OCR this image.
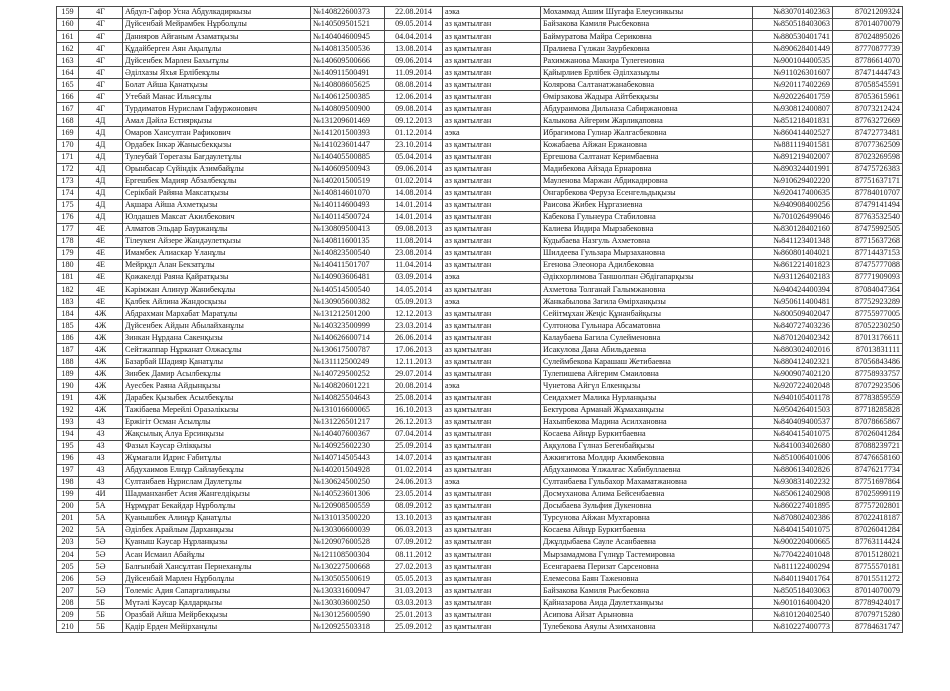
159	4Г	Абдул-Гафор Усна Абдулкадиркызы	№140822600373	22.08.2014	аэка	Мохаммад Ашим Шугафа Елеусинкызы	№830701402363	87021209324
160	4Г	Дүйсенбай Мейрамбек Нұрболұлы	№140509501521	09.05.2014	аз қамтылған	Байзакова Камиля Рысбековна	№850518403063	87014070079
161	4Г	Данияров Айғаным Азаматқызы	№140404600945	04.04.2014	аз қамтылған	Баймуратова Майра Сериковна	№880530401741	87024895026
162	4Г	Құдайберген Аян Ақылұлы	№140813500536	13.08.2014	аз қамтылған	Пралиева Гүлжан Заурбековна	№890628401449	87770877739
163	4Г	Дүйсенбек Марлен Бахытұлы	№140609500666	09.06.2014	аз қамтылған	Рахимжанова Макира Тулегеновна	№900104400535	87786614070
164	4Г	Әділхазы Яхья Ерлібекұлы	№140911500491	11.09.2014	аз қамтылған	Қайырлиев Ерлібек Әділхазыұлы	№911026301607	87471444743
165	4Г	Болат Айша Қанатқызы	№140808605625	08.08.2014	аз қамтылған	Колярова Салтанатжанабековна	№920117402269	87058545591
166	4Г	Утебай Манас Ильясұлы	№140612500385	12.06.2014	аз қамтылған	Өмірзакова Жадыра Айтбекқызы	№920226401759	87053615961
167	4Г	Турдиматов Нурислам Гафуржонович	№140809500900	09.08.2014	аз қамтылған	Абдураимова Дильназа Сабиржановна	№930812400807	87073212424
168	4Д	Амал Дәйлә Естиярқызы	№131209601469	09.12.2013	аз қамтылған	Калыкова Айгерим Жарлиқаповна	№851218401831	87763272669
169	4Д	Омаров Хансултан Рафикович	№141201500393	01.12.2014	аэка	Ибрагимова Гулнар Жалгасбековна	№860414402527	87472773481
170	4Д	Ордабек Інкәр Жанысбекқызы	№141023601447	23.10.2014	аз қамтылған	Кожабаева Айжан Ержановна	№881119401581	87077362509
171	4Д	Тулеубай Төрегазы Бағдаулетұлы	№140405500885	05.04.2014	аз қамтылған	Ергешова Салтанат Керимбаевна	№891219402007	87023269598
172	4Д	Орынбасар Сүйіндік Азимбайұлы	№140609500943	09.06.2014	аз қамтылған	Мадибекова Айзада Ернаровна	№890324401991	87475726383
173	4Д	Ергешбек Мадияр Абзалбекұлы	№140201500519	01.02.2014	аз қамтылған	Мауленова Маржан Абдикадировна	№910629402220	87751637171
174	4Д	Серікбай Райяна Максатқызы	№140814601070	14.08.2014	аз қамтылған	Онгарбекова Феруза Есенгельдықызы	№920417400635	87784010707
175	4Д	Ақшара Айша Ахметқызы	№140114600493	14.01.2014	аз қамтылған	Раисова Жибек Нұргазиевна	№940908400256	87479141494
176	4Д	Юлдашев Максат Акилбекович	№140114500724	14.01.2014	аз қамтылған	Кабекова Гульнеура Стабиловна	№701026499046	87763532540
177	4Е	Алматов Эльдар Бауржанұлы	№130809500413	09.08.2013	аз қамтылған	Калиева Индира Мырзабековна	№830128402160	87475992505
178	4Е	Тілеукен Айзере Жандәулетқызы	№140811600135	11.08.2014	аз қамтылған	Кудыбаева Назгуль Ахметовна	№841123401348	87715637268
179	4Е	Имамбек Алиаскар Ұланұлы	№140823500540	23.08.2014	аз қамтылған	Шилдеева Гульзара Мырзахановна	№860801404021	87714437153
180	4Е	Мейрқұл Алан Бекзатұлы	№140411501707	11.04.2014	аз қамтылған	Егенова Элеонора Адилбековна	№861221401823	87475777088
181	4Е	Қожакелді Раяна Қайратқызы	№140903606481	03.09.2014	аэка	Әдікхорлимова Таншолпан Әбдігапарқызы	№931126402183	87771909093
182	4Е	Кәрімжан Алинур Жанибекұлы	№140514500540	14.05.2014	аз қамтылған	Ахметова Толганай Галымжановна	№940424400394	87084047364
183	4Е	Қалбек Айлина Жандосқызы	№130905600382	05.09.2013	аэка	Жанкабылова Загила Өмірханқызы	№950611400481	87752923289
184	4Ж	Абдрахман Мархабат Маратұлы	№131212501200	12.12.2013	аз қамтылған	Сейітмұхан Жеңіс Құнанбайқызы	№800509402047	87755977005
185	4Ж	Дүйсенбек Айдын Абылайханұлы	№140323500999	23.03.2014	аз қамтылған	Султонова Гульнара Абсаматовна	№840727403236	87052230250
186	4Ж	Зинкан Нұрдана Сакенқызы	№140626600714	26.06.2014	аз қамтылған	Калаубаева Багила Сулейменовна	№870120402342	87013176611
187	4Ж	Сейтжаппар Нұрканат Олжасұлы	№130617500787	17.06.2013	аз қамтылған	Исакулова Дана Абильдаевна	№880302402016	87013831111
188	4Ж	Базарбай Шадияр Қанатұлы	№131112500249	12.11.2013	аз қамтылған	Сулеймбекова Карашаш Жетибаевна	№880412402321	87056843486
189	4Ж	Зинбек Дамир Асылбекұлы	№140729500252	29.07.2014	аз қамтылған	Тулепишева Айгерим Смаиловна	№900907402120	87758933757
190	4Ж	Ауесбек Раяна Айдынқызы	№140820601221	20.08.2014	аэка	Чунетова Айгүл Елкенқызы	№920722402048	87072923506
191	4Ж	Дарабек Қызыбек Асылбекұлы	№140825504643	25.08.2014	аз қамтылған	Сеидахмет Малика Нурланқызы	№940105401178	87783859559
192	4Ж	Тажібаева Мерейлі Оразәлікызы	№131016600065	16.10.2013	аз қамтылған	Бектурова Арманай Жұмаханқызы	№950426401503	87718285828
193	4З	Ержігіт Осман Асылұлы	№131226501217	26.12.2013	аз қамтылған	Нахыпбекова Мадина Асилхановна	№840409400537	87078665867
194	4З	Жақсылық Алуа Ерсинқызы	№140407600367	07.04.2014	аз қамтылған	Косаева Айнұр Буркитбаевна	№840415401075	87026041284
195	4З	Фазыл Кәусар Әлікқызы	№140925602230	25.09.2014	аз қамтылған	Аққулова Гүлназ Бегенбайқызы	№841003402680	87088239721
196	4З	Жұмағали Идрис Ғабитұлы	№140714505443	14.07.2014	аз қамтылған	Ажкигитова Молдир Акимбековна	№851006401006	87476658160
197	4З	Абдухаимов Елнұр Сайлаубекұлы	№140201504928	01.02.2014	аз қамтылған	Абдухаимова Ұлжалғас Хабибуллаевна	№880613402826	87476217734
198	4З	Султанбаев Нұрислам Даулетұлы	№130624500250	24.06.2013	аэка	Султанбаева Гульбахор Махаматжановна	№930831402232	87751697864
199	4И	Шадманханбет Асия Жангелдіқызы	№140523601306	23.05.2014	аз қамтылған	Досмуханова Алима Бейсенбаевна	№850612402908	87025999119
200	5А	Нұрмұрат Бекайдар Нұрболұлы	№120908500559	08.09.2012	аз қамтылған	Досыбаева Зульфия Дукеновна	№860227401895	87757202801
201	5А	Қуанышбек Алинұр Қанатұлы	№131013500220	13.10.2013	аз қамтылған	Турсунова Айжан Мухтаровна	№870802402386	87022418187
202	5А	Әділбек Арайлым Дарханқызы	№130306600039	06.03.2013	аз қамтылған	Косаева Айнұр Буркитбаевна	№840415401075	87026041284
203	5Ә	Қуаныш Кәусар Нұрланқызы	№120907600528	07.09.2012	аз қамтылған	Джұлдыбаева Сауле Асанбаевна	№900220400665	87763114424
204	5Ә	Асан Исмаил Абайұлы	№121108500304	08.11.2012	аз қамтылған	Мырзамадмова Гүлнұр Тастемировна	№770422401048	87015128021
205	5Ә	Балғынбай Хансұлтан Пернеханұлы	№130227500668	27.02.2013	аз қамтылған	Есенгараева Перизат Сарсеновна	№811122400294	87755570181
206	5Ә	Дүйсенбай Марлен Нұрболұлы	№130505500619	05.05.2013	аз қамтылған	Елемесова Баян Таженовна	№840119401764	87015511272
207	5Ә	Төлеміс Адия Сапарғалиқызы	№130331600947	31.03.2013	аз қамтылған	Байзакова Камиля Рысбековна	№850518403063	87014070079
208	5Б	Мүтәлі Кәусар Қалдарқызы	№130303600250	03.03.2013	аз қамтылған	Қайназарова Аида Даулетханқызы	№901016400420	87789424017
209	5Б	Оразбай Айша Мейрбекқызы	№130125600590	25.01.2013	аз қамтылған	Асипова Айзат Арыновна	№810120402540	87079715280
210	5Б	Қадір Ерден Мейірханұлы	№120925503318	25.09.2012	аз қамтылған	Тулебекова Аяулы Азимхановна	№810227400773	87784631747
